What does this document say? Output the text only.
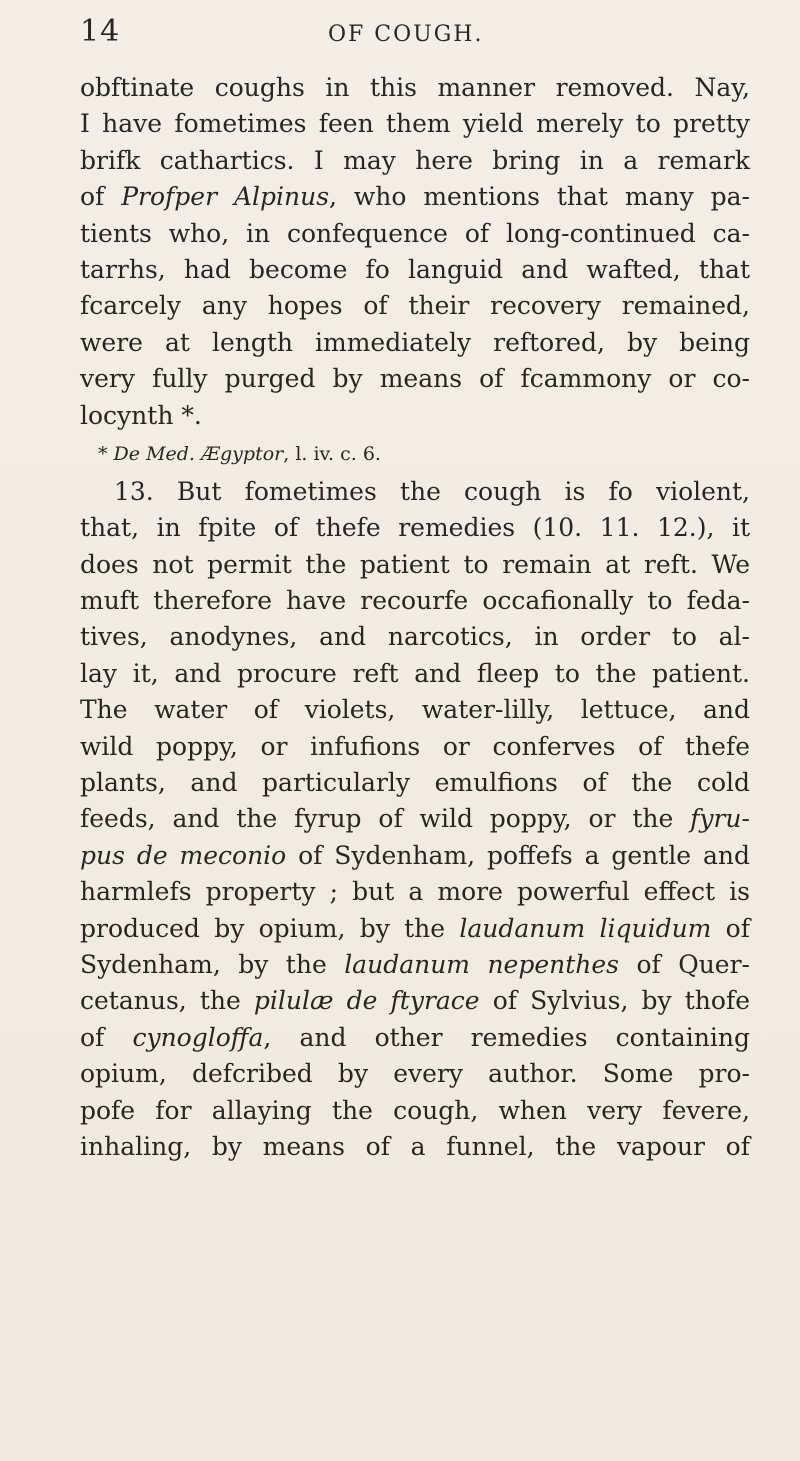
14	OF COUGH.
obftinate coughs in this manner removed. Nay,
I have fometimes feen them yield merely to pretty
brifk cathartics. I may here bring in a remark
of Profper Alpinus, who mentions that many pa-
tients who, in confequence of long-continued ca-
tarrhs, had become fo languid and wafted, that
fcarcely any hopes of their recovery remained,
were at length immediately reftored, by being
very fully purged by means of fcammony or co-
locynth *.
* De Med. Ægyptor, l. iv. c. 6.
13. But fometimes the cough is fo violent,
that, in fpite of thefe remedies (10. 11. 12.), it
does not permit the patient to remain at reft. We
muft therefore have recourfe occafionally to feda-
tives, anodynes, and narcotics, in order to al-
lay it, and procure reft and fleep to the patient.
The water of violets, water-lilly, lettuce, and
wild poppy, or infufions or conferves of thefe
plants, and particularly emulfions of the cold
feeds, and the fyrup of wild poppy, or the fyru-
pus de meconio of Sydenham, poffefs a gentle and
harmlefs property ; but a more powerful effect is
produced by opium, by the laudanum liquidum of
Sydenham, by the laudanum nepenthes of Quer-
cetanus, the pilulæ de ftyrace of Sylvius, by thofe
of cynogloffa, and other remedies containing
opium, defcribed by every author. Some pro-
pofe for allaying the cough, when very fevere,
inhaling, by means of a funnel, the vapour of
